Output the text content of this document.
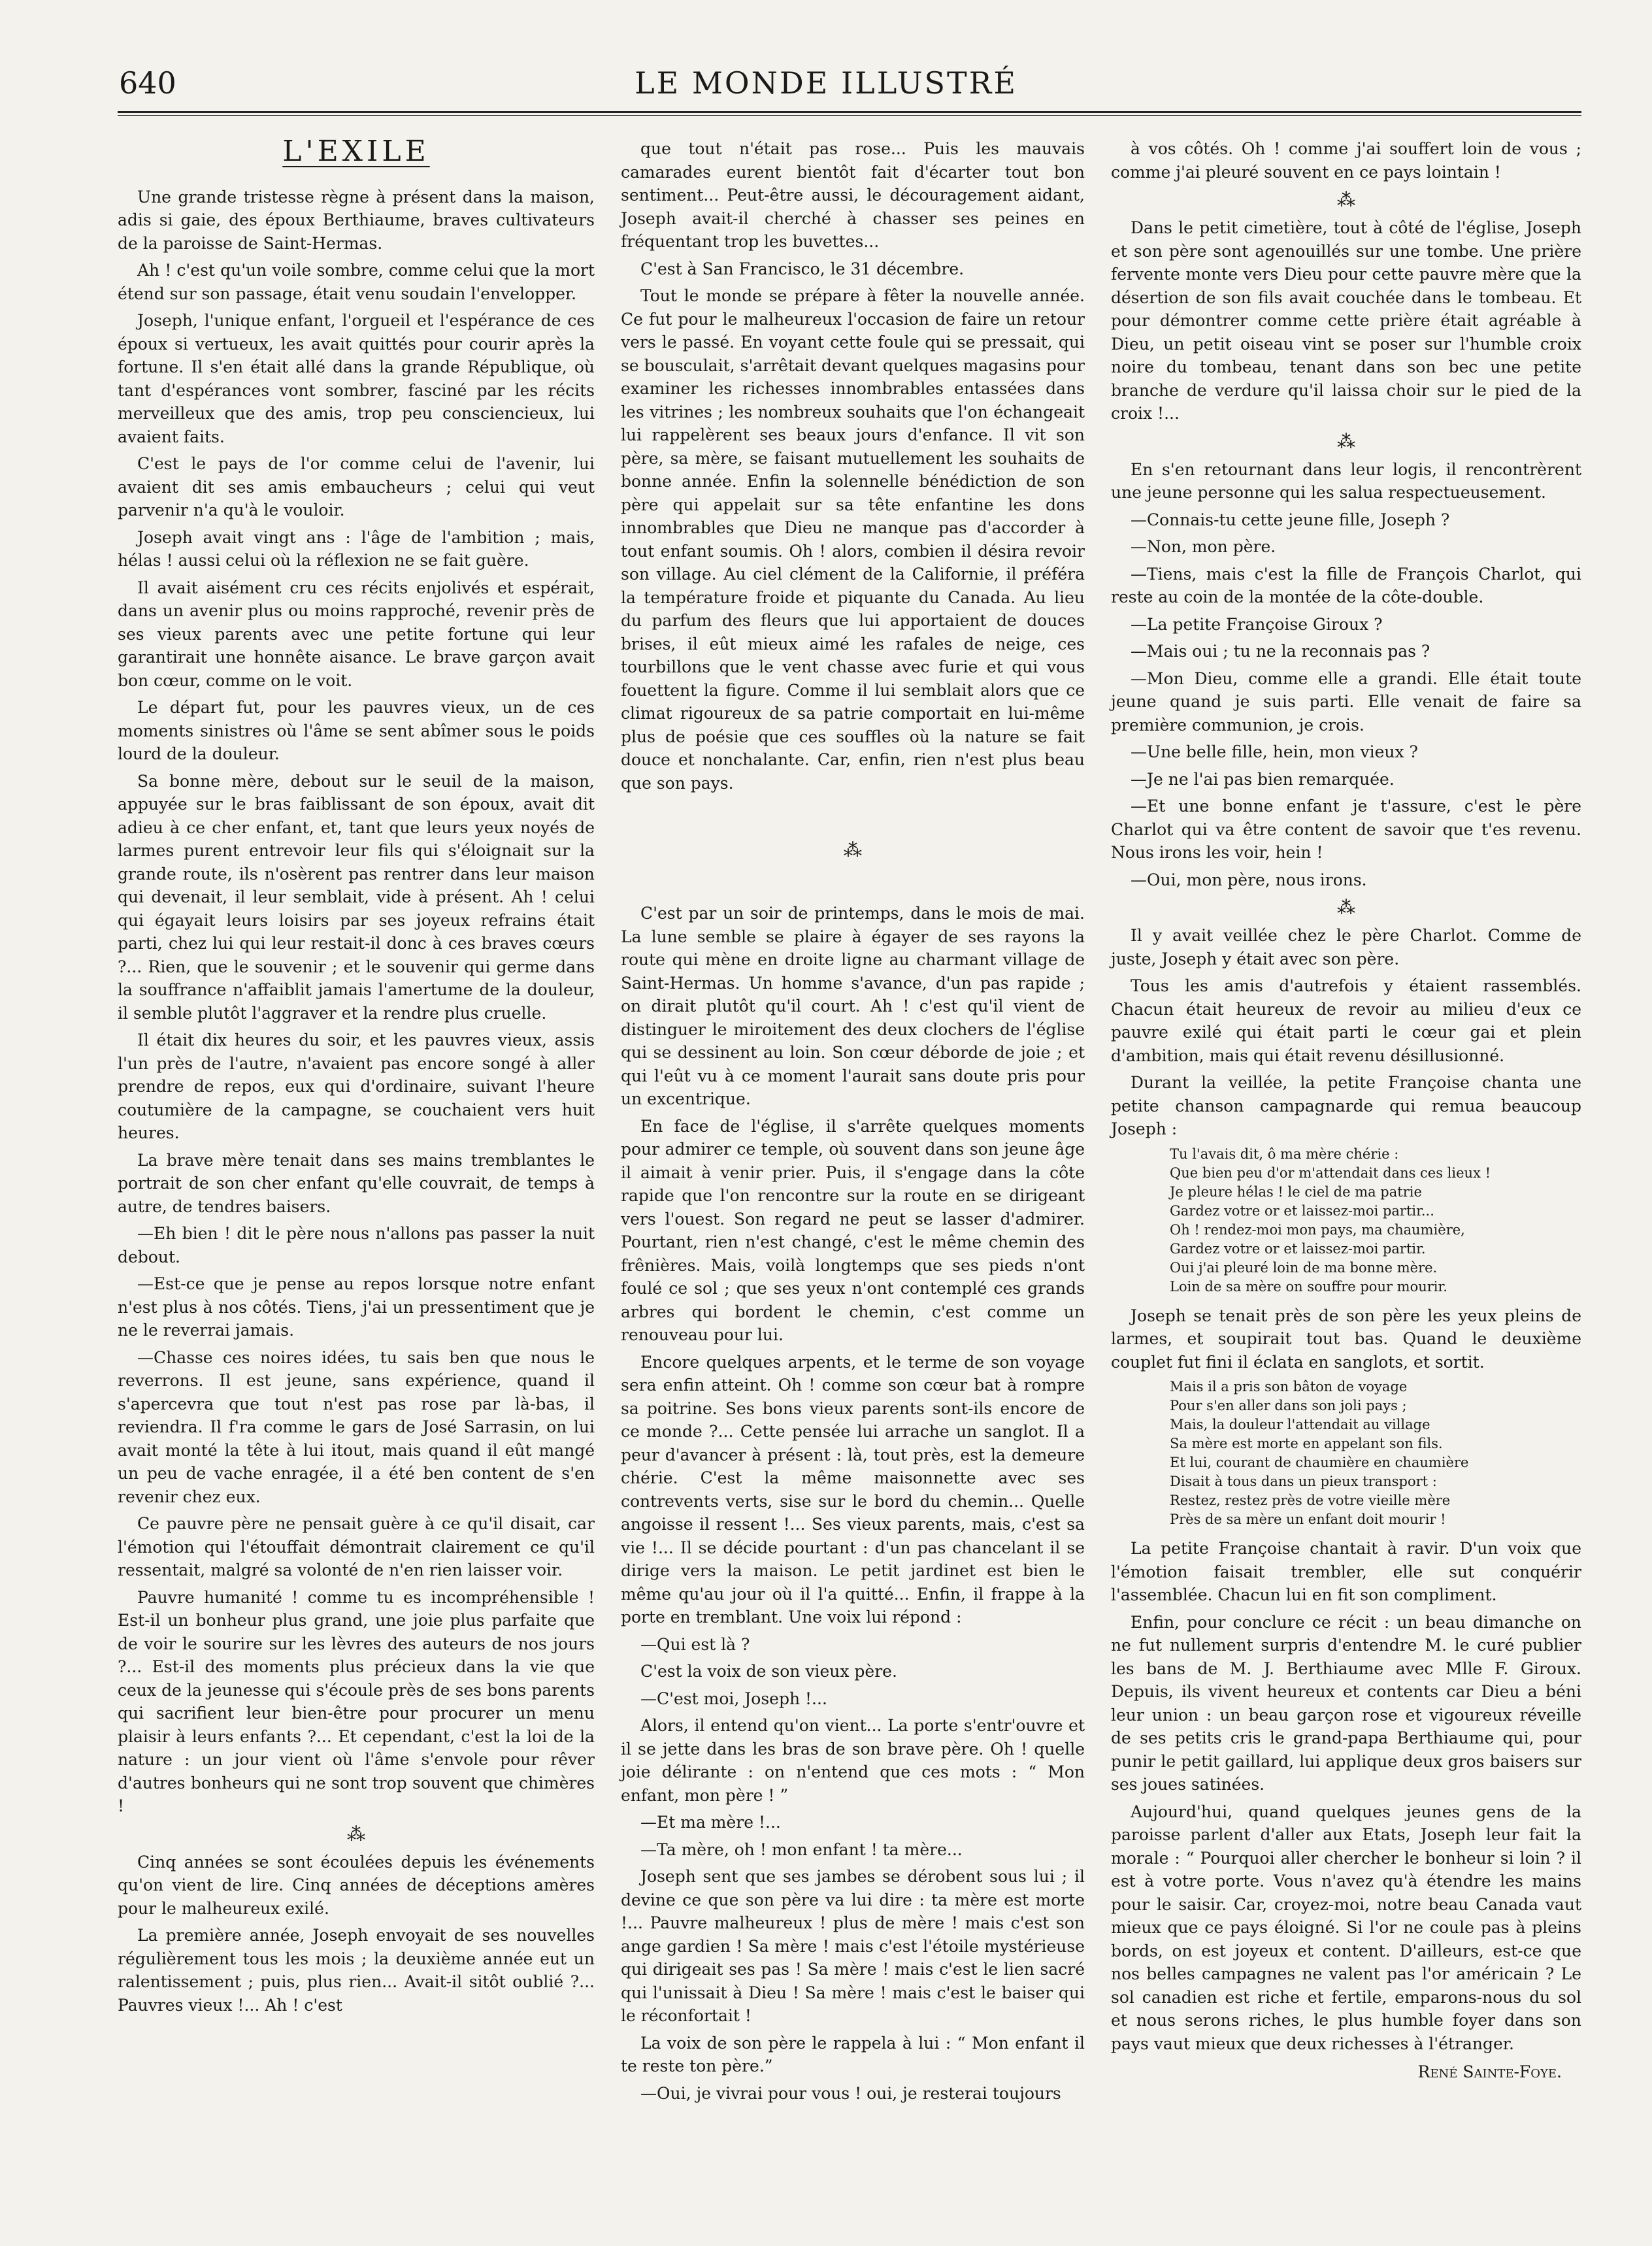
640	LE MONDE ILLUSTRÉ
L'EXILE

Une grande tristesse règne à présent dans la maison, adis si gaie, des époux Berthiaume, braves cultivateurs de la paroisse de Saint-Hermas.

Ah ! c'est qu'un voile sombre, comme celui que la mort étend sur son passage, était venu soudain l'envelopper.

Joseph, l'unique enfant, l'orgueil et l'espérance de ces époux si vertueux, les avait quittés pour courir après la fortune. Il s'en était allé dans la grande République, où tant d'espérances vont sombrer, fasciné par les récits merveilleux que des amis, trop peu consciencieux, lui avaient faits.

C'est le pays de l'or comme celui de l'avenir, lui avaient dit ses amis embaucheurs ; celui qui veut parvenir n'a qu'à le vouloir.

Joseph avait vingt ans : l'âge de l'ambition ; mais, hélas ! aussi celui où la réflexion ne se fait guère.

Il avait aisément cru ces récits enjolivés et espérait, dans un avenir plus ou moins rapproché, revenir près de ses vieux parents avec une petite fortune qui leur garantirait une honnête aisance. Le brave garçon avait bon cœur, comme on le voit.

Le départ fut, pour les pauvres vieux, un de ces moments sinistres où l'âme se sent abîmer sous le poids lourd de la douleur.

Sa bonne mère, debout sur le seuil de la maison, appuyée sur le bras faiblissant de son époux, avait dit adieu à ce cher enfant, et, tant que leurs yeux noyés de larmes purent entrevoir leur fils qui s'éloignait sur la grande route, ils n'osèrent pas rentrer dans leur maison qui devenait, il leur semblait, vide à présent. Ah ! celui qui égayait leurs loisirs par ses joyeux refrains était parti, chez lui qui leur restait-il donc à ces braves cœurs ?... Rien, que le souvenir ; et le souvenir qui germe dans la souffrance n'affaiblit jamais l'amertume de la douleur, il semble plutôt l'aggraver et la rendre plus cruelle.

Il était dix heures du soir, et les pauvres vieux, assis l'un près de l'autre, n'avaient pas encore songé à aller prendre de repos, eux qui d'ordinaire, suivant l'heure coutumière de la campagne, se couchaient vers huit heures.

La brave mère tenait dans ses mains tremblantes le portrait de son cher enfant qu'elle couvrait, de temps à autre, de tendres baisers.

—Eh bien ! dit le père nous n'allons pas passer la nuit debout.

—Est-ce que je pense au repos lorsque notre enfant n'est plus à nos côtés. Tiens, j'ai un pressentiment que je ne le reverrai jamais.

—Chasse ces noires idées, tu sais ben que nous le reverrons. Il est jeune, sans expérience, quand il s'apercevra que tout n'est pas rose par là-bas, il reviendra. Il f'ra comme le gars de José Sarrasin, on lui avait monté la tête à lui itout, mais quand il eût mangé un peu de vache enragée, il a été ben content de s'en revenir chez eux.

Ce pauvre père ne pensait guère à ce qu'il disait, car l'émotion qui l'étouffait démontrait clairement ce qu'il ressentait, malgré sa volonté de n'en rien laisser voir.

Pauvre humanité ! comme tu es incompréhensible ! Est-il un bonheur plus grand, une joie plus parfaite que de voir le sourire sur les lèvres des auteurs de nos jours ?... Est-il des moments plus précieux dans la vie que ceux de la jeunesse qui s'écoule près de ses bons parents qui sacrifient leur bien-être pour procurer un menu plaisir à leurs enfants ?... Et cependant, c'est la loi de la nature : un jour vient où l'âme s'envole pour rêver d'autres bonheurs qui ne sont trop souvent que chimères !

⁂

Cinq années se sont écoulées depuis les événements qu'on vient de lire. Cinq années de déceptions amères pour le malheureux exilé.

La première année, Joseph envoyait de ses nouvelles régulièrement tous les mois ; la deuxième année eut un ralentissement ; puis, plus rien... Avait-il sitôt oublié ?... Pauvres vieux !... Ah ! c'est

que tout n'était pas rose... Puis les mauvais camarades eurent bientôt fait d'écarter tout bon sentiment... Peut-être aussi, le découragement aidant, Joseph avait-il cherché à chasser ses peines en fréquentant trop les buvettes...

C'est à San Francisco, le 31 décembre.

Tout le monde se prépare à fêter la nouvelle année. Ce fut pour le malheureux l'occasion de faire un retour vers le passé. En voyant cette foule qui se pressait, qui se bousculait, s'arrêtait devant quelques magasins pour examiner les richesses innombrables entassées dans les vitrines ; les nombreux souhaits que l'on échangeait lui rappelèrent ses beaux jours d'enfance. Il vit son père, sa mère, se faisant mutuellement les souhaits de bonne année. Enfin la solennelle bénédiction de son père qui appelait sur sa tête enfantine les dons innombrables que Dieu ne manque pas d'accorder à tout enfant soumis. Oh ! alors, combien il désira revoir son village. Au ciel clément de la Californie, il préféra la température froide et piquante du Canada. Au lieu du parfum des fleurs que lui apportaient de douces brises, il eût mieux aimé les rafales de neige, ces tourbillons que le vent chasse avec furie et qui vous fouettent la figure. Comme il lui semblait alors que ce climat rigoureux de sa patrie comportait en lui-même plus de poésie que ces souffles où la nature se fait douce et nonchalante. Car, enfin, rien n'est plus beau que son pays.

⁂

C'est par un soir de printemps, dans le mois de mai. La lune semble se plaire à égayer de ses rayons la route qui mène en droite ligne au charmant village de Saint-Hermas. Un homme s'avance, d'un pas rapide ; on dirait plutôt qu'il court. Ah ! c'est qu'il vient de distinguer le miroitement des deux clochers de l'église qui se dessinent au loin. Son cœur déborde de joie ; et qui l'eût vu à ce moment l'aurait sans doute pris pour un excentrique.

En face de l'église, il s'arrête quelques moments pour admirer ce temple, où souvent dans son jeune âge il aimait à venir prier. Puis, il s'engage dans la côte rapide que l'on rencontre sur la route en se dirigeant vers l'ouest. Son regard ne peut se lasser d'admirer. Pourtant, rien n'est changé, c'est le même chemin des frênières. Mais, voilà longtemps que ses pieds n'ont foulé ce sol ; que ses yeux n'ont contemplé ces grands arbres qui bordent le chemin, c'est comme un renouveau pour lui.

Encore quelques arpents, et le terme de son voyage sera enfin atteint. Oh ! comme son cœur bat à rompre sa poitrine. Ses bons vieux parents sont-ils encore de ce monde ?... Cette pensée lui arrache un sanglot. Il a peur d'avancer à présent : là, tout près, est la demeure chérie. C'est la même maisonnette avec ses contrevents verts, sise sur le bord du chemin... Quelle angoisse il ressent !... Ses vieux parents, mais, c'est sa vie !... Il se décide pourtant : d'un pas chancelant il se dirige vers la maison. Le petit jardinet est bien le même qu'au jour où il l'a quitté... Enfin, il frappe à la porte en tremblant. Une voix lui répond :

—Qui est là ?

C'est la voix de son vieux père.

—C'est moi, Joseph !...

Alors, il entend qu'on vient... La porte s'entr'ouvre et il se jette dans les bras de son brave père. Oh ! quelle joie délirante : on n'entend que ces mots : “ Mon enfant, mon père ! ”

—Et ma mère !...

—Ta mère, oh ! mon enfant ! ta mère...

Joseph sent que ses jambes se dérobent sous lui ; il devine ce que son père va lui dire : ta mère est morte !... Pauvre malheureux ! plus de mère ! mais c'est son ange gardien ! Sa mère ! mais c'est l'étoile mystérieuse qui dirigeait ses pas ! Sa mère ! mais c'est le lien sacré qui l'unissait à Dieu ! Sa mère ! mais c'est le baiser qui le réconfortait !

La voix de son père le rappela à lui : “ Mon enfant il te reste ton père.”

—Oui, je vivrai pour vous ! oui, je resterai toujours

à vos côtés. Oh ! comme j'ai souffert loin de vous ; comme j'ai pleuré souvent en ce pays lointain !

⁂

Dans le petit cimetière, tout à côté de l'église, Joseph et son père sont agenouillés sur une tombe. Une prière fervente monte vers Dieu pour cette pauvre mère que la désertion de son fils avait couchée dans le tombeau. Et pour démontrer comme cette prière était agréable à Dieu, un petit oiseau vint se poser sur l'humble croix noire du tombeau, tenant dans son bec une petite branche de verdure qu'il laissa choir sur le pied de la croix !...

⁂

En s'en retournant dans leur logis, il rencontrèrent une jeune personne qui les salua respectueusement.

—Connais-tu cette jeune fille, Joseph ?

—Non, mon père.

—Tiens, mais c'est la fille de François Charlot, qui reste au coin de la montée de la côte-double.

—La petite Françoise Giroux ?

—Mais oui ; tu ne la reconnais pas ?

—Mon Dieu, comme elle a grandi. Elle était toute jeune quand je suis parti. Elle venait de faire sa première communion, je crois.

—Une belle fille, hein, mon vieux ?

—Je ne l'ai pas bien remarquée.

—Et une bonne enfant je t'assure, c'est le père Charlot qui va être content de savoir que t'es revenu. Nous irons les voir, hein !

—Oui, mon père, nous irons.

⁂

Il y avait veillée chez le père Charlot. Comme de juste, Joseph y était avec son père.

Tous les amis d'autrefois y étaient rassemblés. Chacun était heureux de revoir au milieu d'eux ce pauvre exilé qui était parti le cœur gai et plein d'ambition, mais qui était revenu désillusionné.

Durant la veillée, la petite Françoise chanta une petite chanson campagnarde qui remua beaucoup Joseph :

Tu l'avais dit, ô ma mère chérie :
Que bien peu d'or m'attendait dans ces lieux !
Je pleure hélas ! le ciel de ma patrie
Gardez votre or et laissez-moi partir...
Oh ! rendez-moi mon pays, ma chaumière,
Gardez votre or et laissez-moi partir.
Oui j'ai pleuré loin de ma bonne mère.
Loin de sa mère on souffre pour mourir.

Joseph se tenait près de son père les yeux pleins de larmes, et soupirait tout bas. Quand le deuxième couplet fut fini il éclata en sanglots, et sortit.

Mais il a pris son bâton de voyage
Pour s'en aller dans son joli pays ;
Mais, la douleur l'attendait au village
Sa mère est morte en appelant son fils.
Et lui, courant de chaumière en chaumière
Disait à tous dans un pieux transport :
Restez, restez près de votre vieille mère
Près de sa mère un enfant doit mourir !

La petite Françoise chantait à ravir. D'un voix que l'émotion faisait trembler, elle sut conquérir l'assemblée. Chacun lui en fit son compliment.

Enfin, pour conclure ce récit : un beau dimanche on ne fut nullement surpris d'entendre M. le curé publier les bans de M. J. Berthiaume avec Mlle F. Giroux. Depuis, ils vivent heureux et contents car Dieu a béni leur union : un beau garçon rose et vigoureux réveille de ses petits cris le grand-papa Berthiaume qui, pour punir le petit gaillard, lui applique deux gros baisers sur ses joues satinées.

Aujourd'hui, quand quelques jeunes gens de la paroisse parlent d'aller aux Etats, Joseph leur fait la morale : “ Pourquoi aller chercher le bonheur si loin ? il est à votre porte. Vous n'avez qu'à étendre les mains pour le saisir. Car, croyez-moi, notre beau Canada vaut mieux que ce pays éloigné. Si l'or ne coule pas à pleins bords, on est joyeux et content. D'ailleurs, est-ce que nos belles campagnes ne valent pas l'or américain ? Le sol canadien est riche et fertile, emparons-nous du sol et nous serons riches, le plus humble foyer dans son pays vaut mieux que deux richesses à l'étranger.

René Sainte-Foye.
